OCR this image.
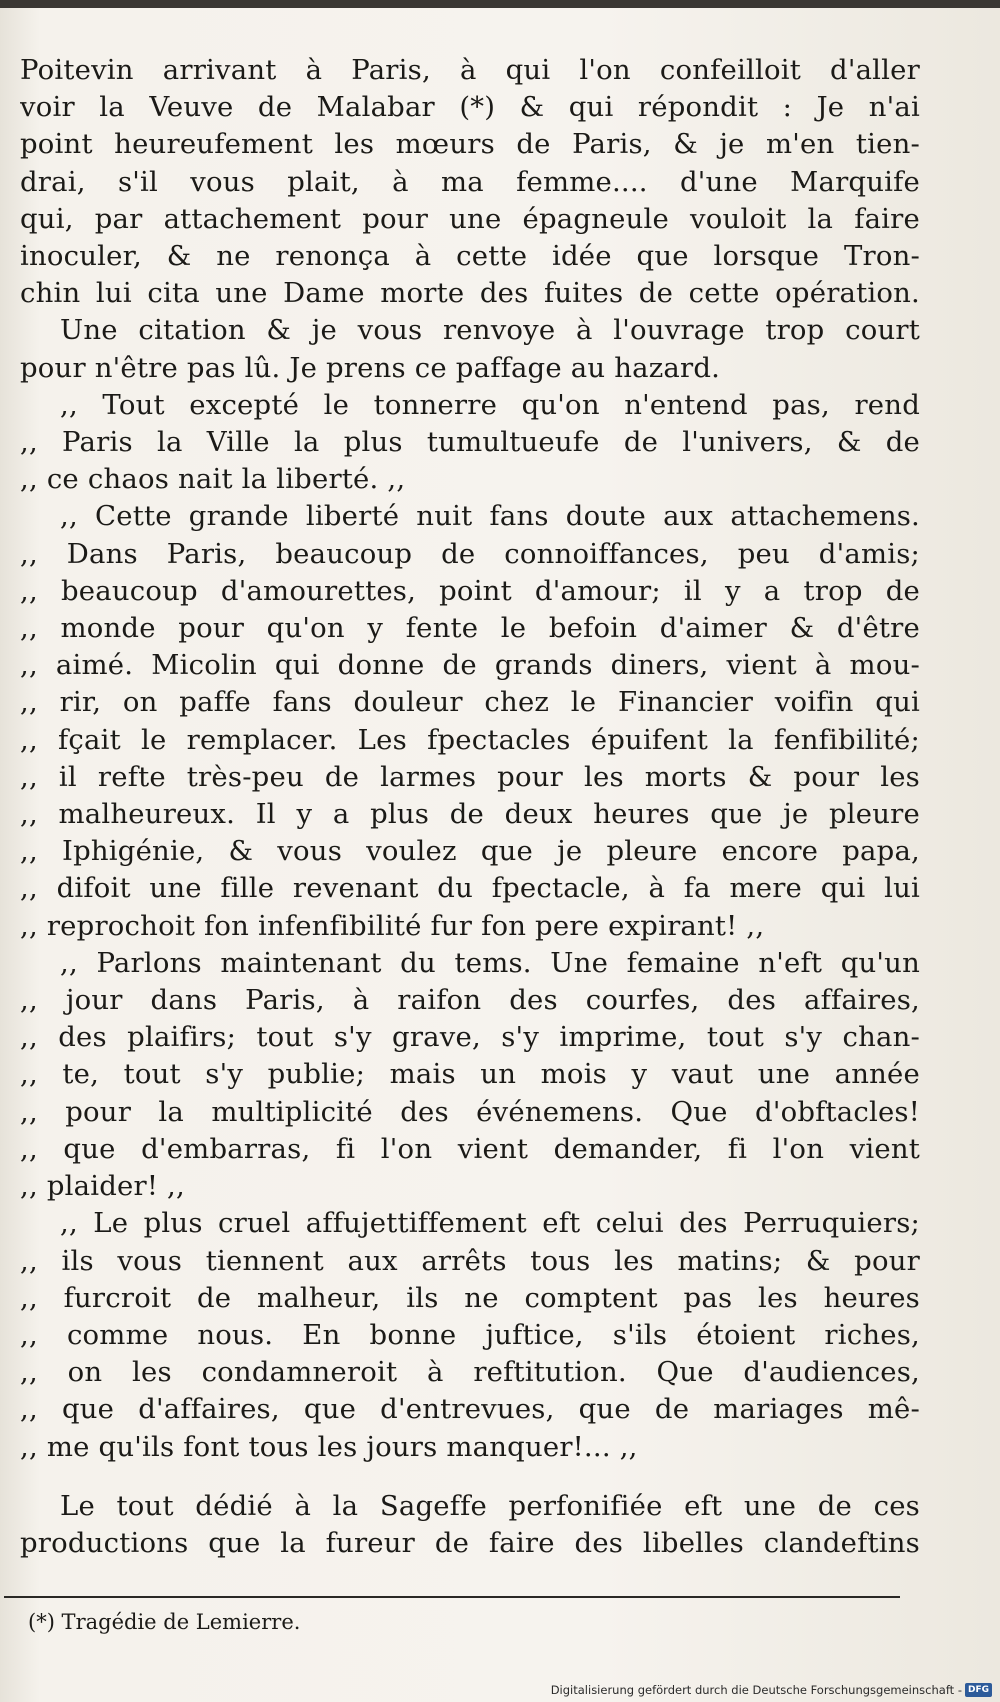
Poitevin arrivant à Paris, à qui l'on confeilloit d'aller
voir la Veuve de Malabar (*) & qui répondit : Je n'ai
point heureufement les mœurs de Paris, & je m'en tien-
drai, s'il vous plait, à ma femme.... d'une Marquife
qui, par attachement pour une épagneule vouloit la faire
inoculer, & ne renonça à cette idée que lorsque Tron-
chin lui cita une Dame morte des fuites de cette opération.
Une citation & je vous renvoye à l'ouvrage trop court
pour n'être pas lû. Je prens ce paffage au hazard.
,, Tout excepté le tonnerre qu'on n'entend pas, rend
,, Paris la Ville la plus tumultueufe de l'univers, & de
,, ce chaos nait la liberté. ,,
,, Cette grande liberté nuit fans doute aux attachemens.
,, Dans Paris, beaucoup de connoiffances, peu d'amis;
,, beaucoup d'amourettes, point d'amour; il y a trop de
,, monde pour qu'on y fente le befoin d'aimer & d'être
,, aimé. Micolin qui donne de grands diners, vient à mou-
,, rir, on paffe fans douleur chez le Financier voifin qui
,, fçait le remplacer. Les fpectacles épuifent la fenfibilité;
,, il refte très-peu de larmes pour les morts & pour les
,, malheureux. Il y a plus de deux heures que je pleure
,, Iphigénie, & vous voulez que je pleure encore papa,
,, difoit une fille revenant du fpectacle, à fa mere qui lui
,, reprochoit fon infenfibilité fur fon pere expirant! ,,
,, Parlons maintenant du tems. Une femaine n'eft qu'un
,, jour dans Paris, à raifon des courfes, des affaires,
,, des plaifirs; tout s'y grave, s'y imprime, tout s'y chan-
,, te, tout s'y publie; mais un mois y vaut une année
,, pour la multiplicité des événemens. Que d'obftacles!
,, que d'embarras, fi l'on vient demander, fi l'on vient
,, plaider! ,,
,, Le plus cruel affujettiffement eft celui des Perruquiers;
,, ils vous tiennent aux arrêts tous les matins; & pour
,, furcroit de malheur, ils ne comptent pas les heures
,, comme nous. En bonne juftice, s'ils étoient riches,
,, on les condamneroit à reftitution. Que d'audiences,
,, que d'affaires, que d'entrevues, que de mariages mê-
,, me qu'ils font tous les jours manquer!... ,,
Le tout dédié à la Sageffe perfonifiée eft une de ces
productions que la fureur de faire des libelles clandeftins
(*) Tragédie de Lemierre.
Digitalisierung gefördert durch die Deutsche Forschungsgemeinschaft - DFG
